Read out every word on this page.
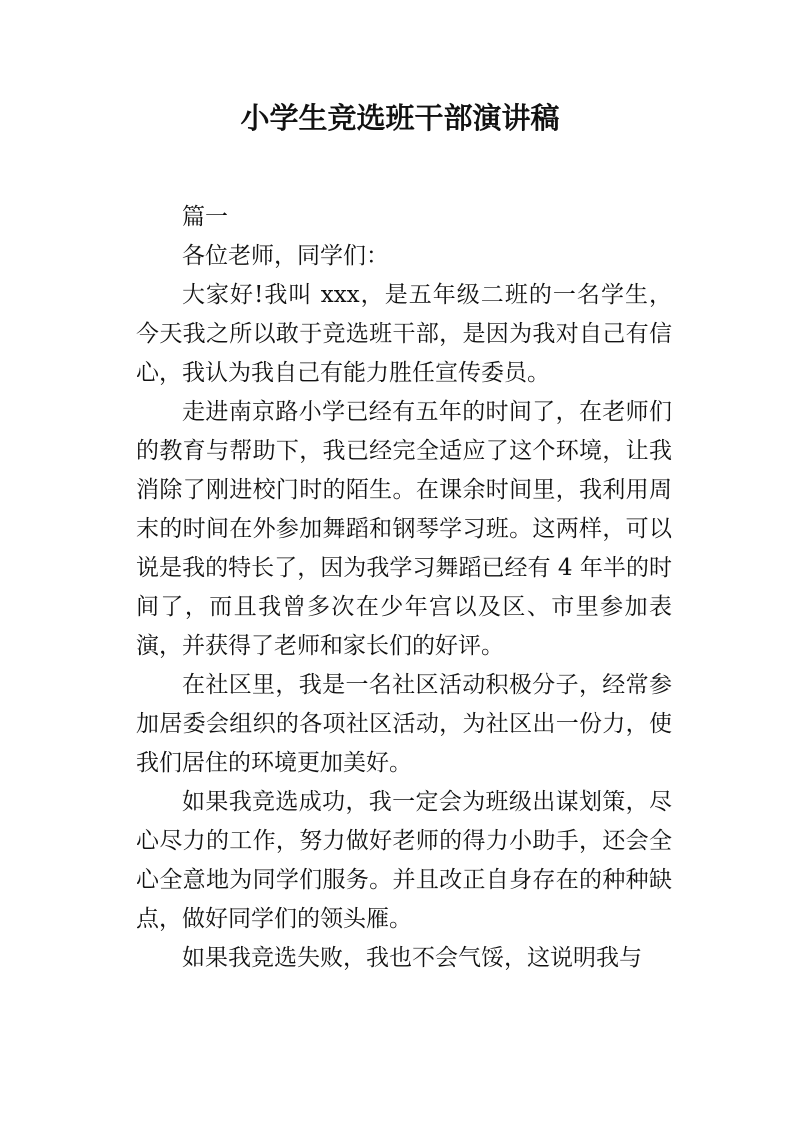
小学生竞选班干部演讲稿

篇一

各位老师，同学们：

大家好!我叫 xxx，是五年级二班的一名学生，今天我之所以敢于竞选班干部，是因为我对自己有信心，我认为我自己有能力胜任宣传委员。

走进南京路小学已经有五年的时间了，在老师们的教育与帮助下，我已经完全适应了这个环境，让我消除了刚进校门时的陌生。在课余时间里，我利用周末的时间在外参加舞蹈和钢琴学习班。这两样，可以说是我的特长了，因为我学习舞蹈已经有 4 年半的时间了，而且我曾多次在少年宫以及区、市里参加表演，并获得了老师和家长们的好评。

在社区里，我是一名社区活动积极分子，经常参加居委会组织的各项社区活动，为社区出一份力，使我们居住的环境更加美好。

如果我竞选成功，我一定会为班级出谋划策，尽心尽力的工作，努力做好老师的得力小助手，还会全心全意地为同学们服务。并且改正自身存在的种种缺点，做好同学们的领头雁。

如果我竞选失败，我也不会气馁，这说明我与
